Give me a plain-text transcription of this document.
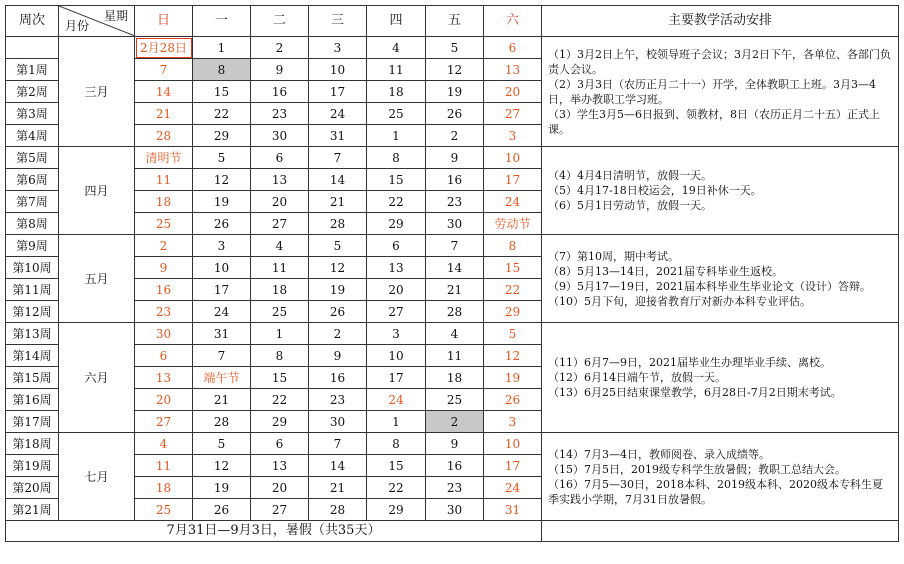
周次	星期
月份	日	一	二	三	四	五	六	主要教学活动安排
	三月	2月28日	1	2	3	4	5	6	（1）3月2日上午，校领导班子会议；3月2日下午，各单位、各部门负责人会议。
（2）3月3日（农历正月二十一）开学，全体教职工上班。3月3—4日，举办教职工学习班。
（3）学生3月5—6日报到、领教材，8日（农历正月二十五）正式上课。

第1周		7	8	9	10	11	12	13	
第2周		14	15	16	17	18	19	20	
第3周		21	22	23	24	25	26	27	
第4周		28	29	30	31	1	2	3	
第5周	四月	清明节	5	6	7	8	9	10	（4）4月4日清明节，放假一天。
（5）4月17-18日校运会，19日补休一天。
（6）5月1日劳动节，放假一天。

第6周		11	12	13	14	15	16	17	
第7周		18	19	20	21	22	23	24	
第8周		25	26	27	28	29	30	劳动节	
第9周	五月	2	3	4	5	6	7	8	（7）第10周，期中考试。
（8）5月13—14日，2021届专科毕业生返校。
（9）5月17—19日，2021届本科毕业生毕业论文（设计）答辩。
（10）5月下旬，迎接省教育厅对新办本科专业评估。

第10周		9	10	11	12	13	14	15	
第11周		16	17	18	19	20	21	22	
第12周		23	24	25	26	27	28	29	
第13周	六月	30	31	1	2	3	4	5	（11）6月7—9日，2021届毕业生办理毕业手续、离校。
（12）6月14日端午节，放假一天。
（13）6月25日结束课堂教学，6月28日-7月2日期末考试。

第14周		6	7	8	9	10	11	12	
第15周		13	端午节	15	16	17	18	19	
第16周		20	21	22	23	24	25	26	
第17周		27	28	29	30	1	2	3	
第18周	七月	4	5	6	7	8	9	10	（14）7月3—4日，教师阅卷、录入成绩等。
（15）7月5日，2019级专科学生放暑假；教职工总结大会。
（16）7月5—30日，2018本科、2019级本科、2020级本专科生夏季实践小学期，7月31日放暑假。

第19周		11	12	13	14	15	16	17	
第20周		18	19	20	21	22	23	24	
第21周		25	26	27	28	29	30	31	
7月31日—9月3日，暑假（共35天）									
